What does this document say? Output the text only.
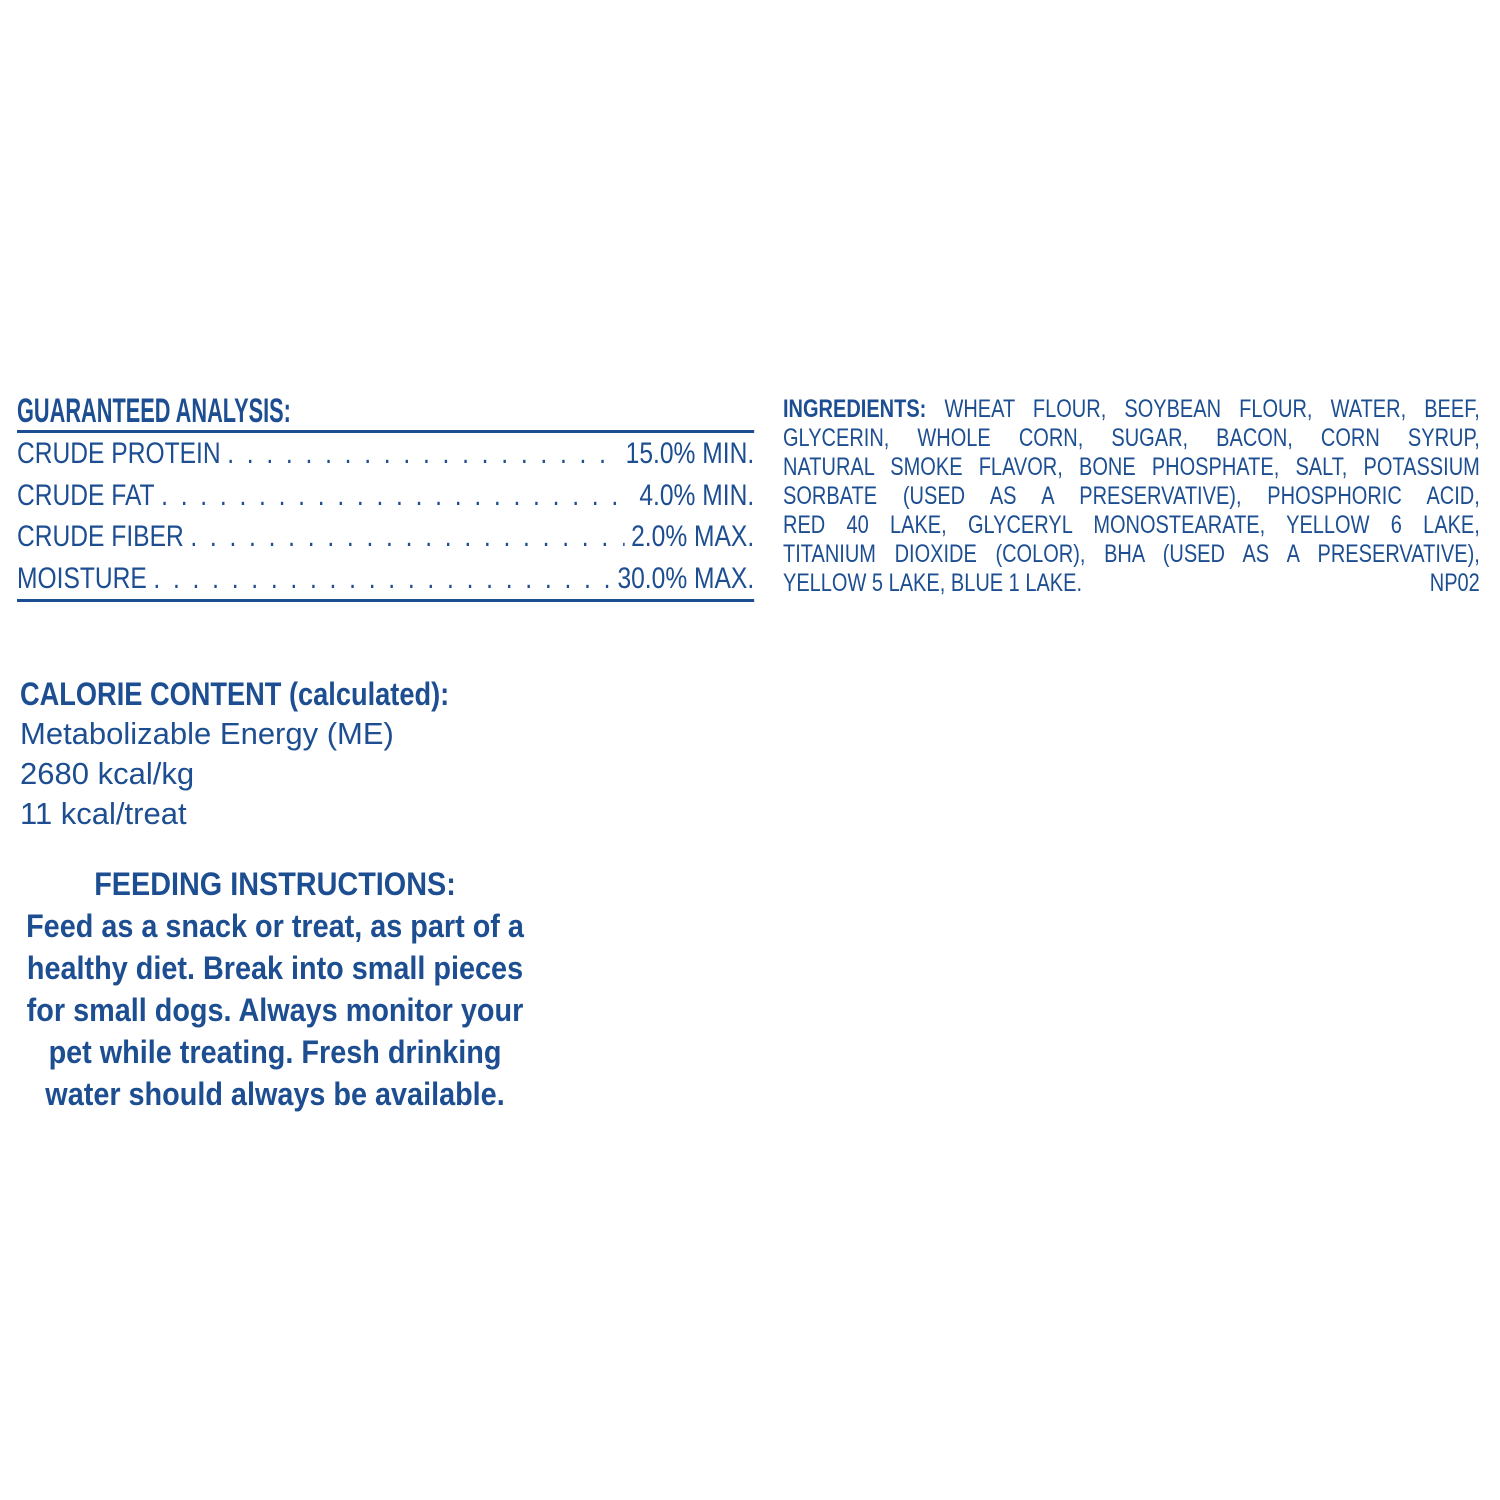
GUARANTEED ANALYSIS:
CRUDE PROTEIN . . .	15.0% MIN.
CRUDE FAT . . .	4.0% MIN.
CRUDE FIBER . . .	2.0% MAX.
MOISTURE . . .	30.0% MAX.
INGREDIENTS: WHEAT FLOUR, SOYBEAN FLOUR, WATER, BEEF,
GLYCERIN, WHOLE CORN, SUGAR, BACON, CORN SYRUP,
NATURAL SMOKE FLAVOR, BONE PHOSPHATE, SALT, POTASSIUM
SORBATE (USED AS A PRESERVATIVE), PHOSPHORIC ACID,
RED 40 LAKE, GLYCERYL MONOSTEARATE, YELLOW 6 LAKE,
TITANIUM DIOXIDE (COLOR), BHA (USED AS A PRESERVATIVE),
YELLOW 5 LAKE, BLUE 1 LAKE.	NP02
CALORIE CONTENT (calculated):
Metabolizable Energy (ME)
2680 kcal/kg
11 kcal/treat
FEEDING INSTRUCTIONS:
Feed as a snack or treat, as part of a
healthy diet. Break into small pieces
for small dogs. Always monitor your
pet while treating. Fresh drinking
water should always be available.
